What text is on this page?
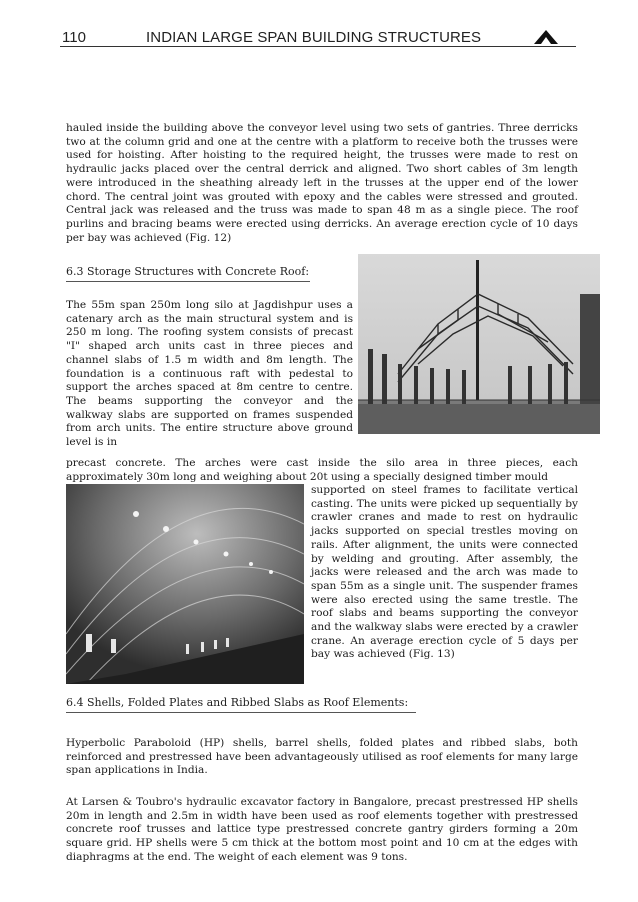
110	INDIAN LARGE SPAN BUILDING STRUCTURES

hauled inside the building above the conveyor level using two sets of gantries. Three derricks two at the column grid and one at the centre with a platform to receive both the trusses were used for hoisting. After hoisting to the required height, the trusses were made to rest on hydraulic jacks placed over the central derrick and aligned. Two short cables of 3m length were introduced in the sheathing already left in the trusses at the upper end of the lower chord. The central joint was grouted with epoxy and the cables were stressed and grouted. Central jack was released and the truss was made to span 48 m as a single piece. The roof purlins and bracing beams were erected using derricks. An average erection cycle of 10 days per bay was achieved (Fig. 12)

6.3 Storage Structures with Concrete Roof:

The 55m span 250m long silo at Jagdishpur uses a catenary arch as the main structural system and is 250 m long. The roofing system consists of precast "I" shaped arch units cast in three pieces and channel slabs of 1.5 m width and 8m length. The foundation is a continuous raft with pedestal to support the arches spaced at 8m centre to centre. The beams supporting the conveyor and the walkway slabs are supported on frames suspended from arch units. The entire structure above ground level is in

precast concrete. The arches were cast inside the silo area in three pieces, each approximately 30m long and weighing about 20t using a specially designed timber mould

supported on steel frames to facilitate vertical casting. The units were picked up sequentially by crawler cranes and made to rest on hydraulic jacks supported on special trestles moving on rails. After alignment, the units were connected by welding and grouting. After assembly, the jacks were released and the arch was made to span 55m as a single unit. The suspender frames were also erected using the same trestle. The roof slabs and beams supporting the conveyor and the walkway slabs were erected by a crawler crane. An average erection cycle of 5 days per bay was achieved (Fig. 13)

6.4 Shells, Folded Plates and Ribbed Slabs as Roof Elements:

Hyperbolic Paraboloid (HP) shells, barrel shells, folded plates and ribbed slabs, both reinforced and prestressed have been advantageously utilised as roof elements for many large span applications in India.

At Larsen & Toubro's hydraulic excavator factory in Bangalore, precast prestressed HP shells 20m in length and 2.5m in width have been used as roof elements together with prestressed concrete roof trusses and lattice type prestressed concrete gantry girders forming a 20m square grid. HP shells were 5 cm thick at the bottom most point and 10 cm at the edges with diaphragms at the end. The weight of each element was 9 tons.
